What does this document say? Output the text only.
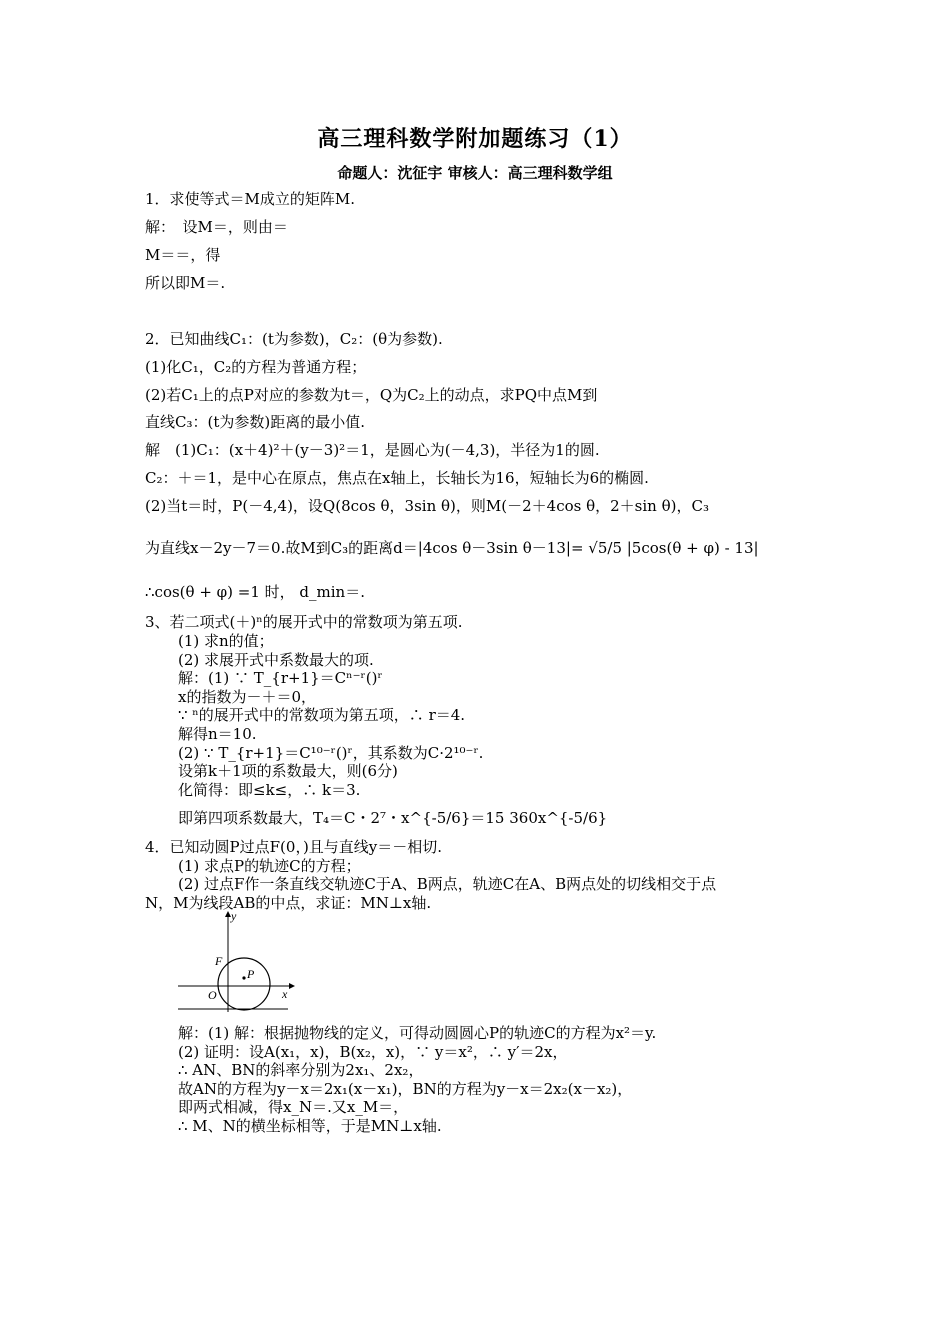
高三理科数学附加题练习（1）
命题人：沈征宇 审核人：高三理科数学组
1．求使等式＝M成立的矩阵M.
解：　设M＝，则由＝
M＝＝，得
所以即M＝.
2．已知曲线C₁：(t为参数)，C₂：(θ为参数).
(1)化C₁，C₂的方程为普通方程；
(2)若C₁上的点P对应的参数为t＝，Q为C₂上的动点，求PQ中点M到
直线C₃：(t为参数)距离的最小值.
解　(1)C₁：(x＋4)²＋(y－3)²＝1，是圆心为(－4,3)，半径为1的圆.
C₂：＋＝1，是中心在原点，焦点在x轴上，长轴长为16，短轴长为6的椭圆.
(2)当t＝时，P(－4,4)，设Q(8cos θ，3sin θ)，则M(－2＋4cos θ，2＋sin θ)，C₃
为直线x－2y－7＝0.故M到C₃的距离d＝|4cos θ－3sin θ－13|= √5/5 |5cos(θ + φ) - 13|
∴cos(θ + φ) =1 时， d_min＝.
3、若二项式(＋)ⁿ的展开式中的常数项为第五项.
(1) 求n的值；
(2) 求展开式中系数最大的项.
解：(1) ∵ T_{r+1}＝Cⁿ⁻ʳ()ʳ
x的指数为－＋＝0，
∵ ⁿ的展开式中的常数项为第五项，∴ r＝4.
解得n＝10.
(2) ∵ T_{r+1}＝C¹⁰⁻ʳ()ʳ，其系数为C·2¹⁰⁻ʳ.
设第k＋1项的系数最大，则(6分)
化简得：即≤k≤，∴ k＝3.
即第四项系数最大，T₄＝C・2⁷・x^{-5/6}＝15 360x^{-5/6}
4．已知动圆P过点F(0，)且与直线y＝－相切.
(1) 求点P的轨迹C的方程；
(2) 过点F作一条直线交轨迹C于A、B两点，轨迹C在A、B两点处的切线相交于点
N，M为线段AB的中点，求证：MN⊥x轴.
y
x
F
P
O
解：(1) 解：根据抛物线的定义，可得动圆圆心P的轨迹C的方程为x²＝y.
(2) 证明：设A(x₁，x)，B(x₂，x)，∵ y＝x²，∴ y′＝2x，
∴ AN、BN的斜率分别为2x₁、2x₂，
故AN的方程为y－x＝2x₁(x－x₁)，BN的方程为y－x＝2x₂(x－x₂)，
即两式相减，得x_N＝.又x_M＝，
∴ M、N的横坐标相等，于是MN⊥x轴.
